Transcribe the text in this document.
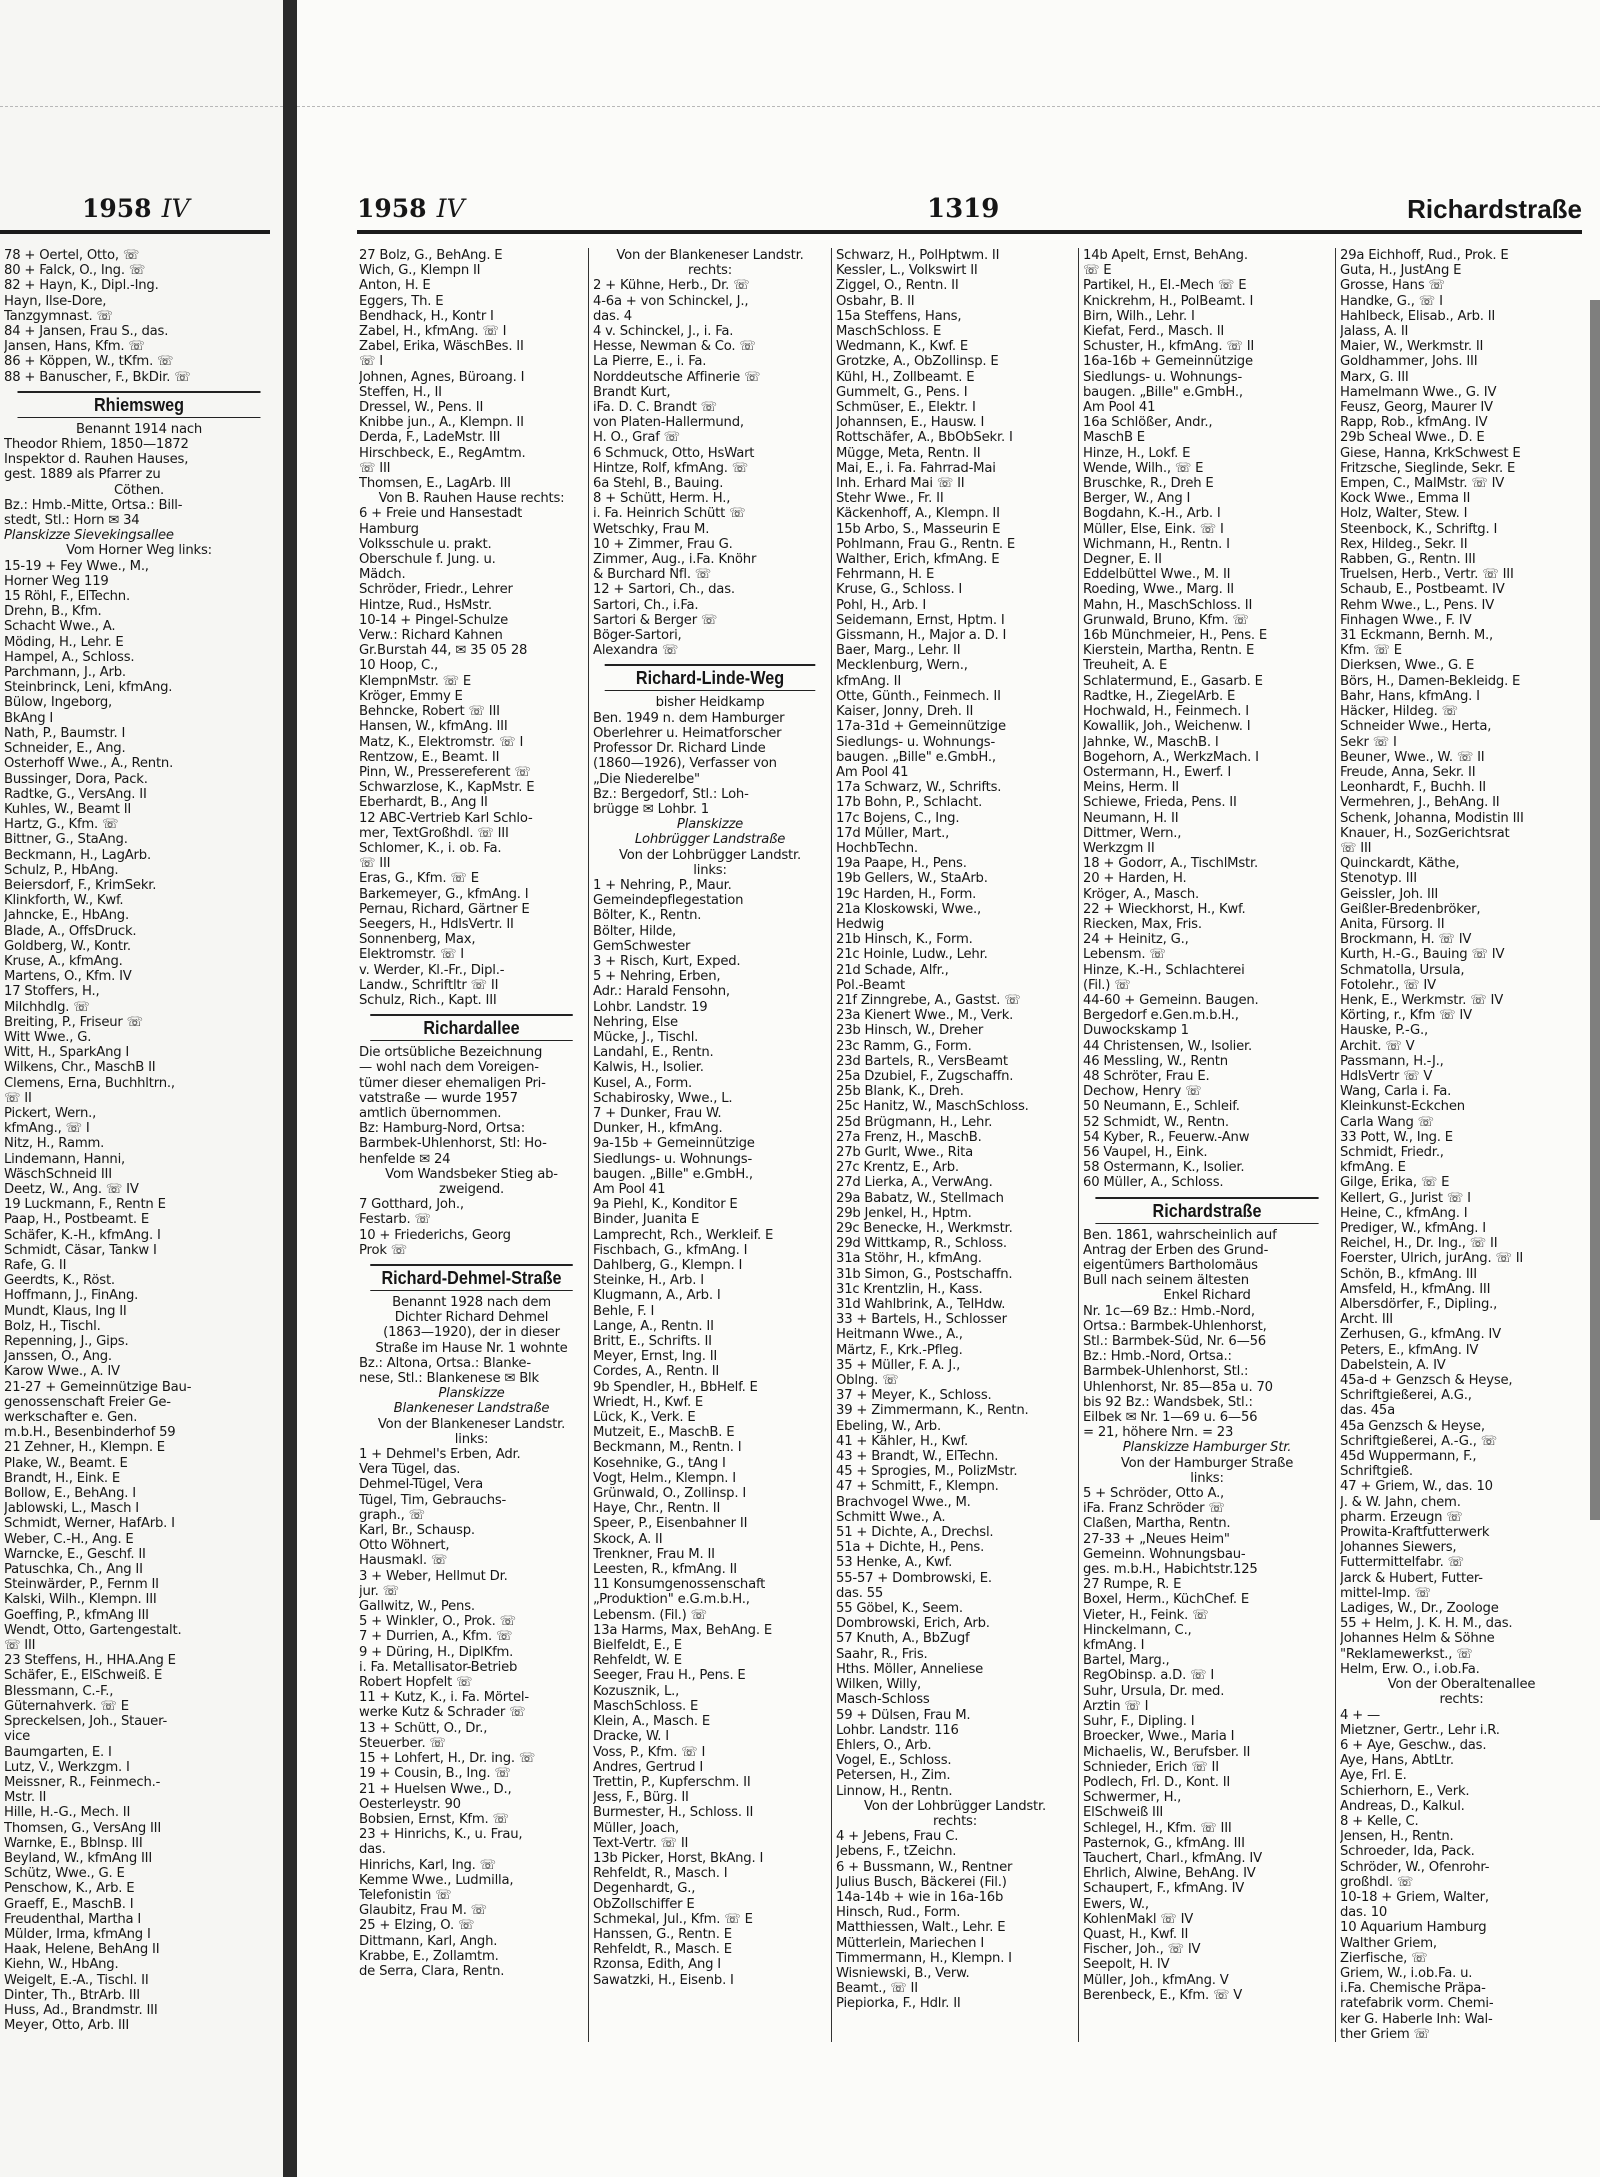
1958 IV
78 + Oertel, Otto, ☏
80 + Falck, O., Ing. ☏
82 + Hayn, K., Dipl.-Ing.
Hayn, Ilse-Dore,
Tanzgymnast. ☏
84 + Jansen, Frau S., das.
Jansen, Hans, Kfm. ☏
86 + Köppen, W., tKfm. ☏
88 + Banuscher, F., BkDir. ☏
Rhiemsweg
Benannt 1914 nach
Theodor Rhiem, 1850—1872
Inspektor d. Rauhen Hauses,
gest. 1889 als Pfarrer zu
Cöthen.
Bz.: Hmb.-Mitte, Ortsa.: Bill-
stedt, Stl.: Horn ✉ 34
Planskizze Sievekingsallee
Vom Horner Weg links:
15-19 + Fey Wwe., M.,
Horner Weg 119
15 Röhl, F., ElTechn.
Drehn, B., Kfm.
Schacht Wwe., A.
Möding, H., Lehr. E
Hampel, A., Schloss.
Parchmann, J., Arb.
Steinbrinck, Leni, kfmAng.
Bülow, Ingeborg,
BkAng I
Nath, P., Baumstr. I
Schneider, E., Ang.
Osterhoff Wwe., A., Rentn.
Bussinger, Dora, Pack.
Radtke, G., VersAng. II
Kuhles, W., Beamt II
Hartz, G., Kfm. ☏
Bittner, G., StaAng.
Beckmann, H., LagArb.
Schulz, P., HbAng.
Beiersdorf, F., KrimSekr.
Klinkforth, W., Kwf.
Jahncke, E., HbAng.
Blade, A., OffsDruck.
Goldberg, W., Kontr.
Kruse, A., kfmAng.
Martens, O., Kfm. IV
17 Stoffers, H.,
Milchhdlg. ☏
Breiting, P., Friseur ☏
Witt Wwe., G.
Witt, H., SparkAng I
Wilkens, Chr., MaschB II
Clemens, Erna, Buchhltrn.,
☏ II
Pickert, Wern.,
kfmAng., ☏ I
Nitz, H., Ramm.
Lindemann, Hanni,
WäschSchneid III
Deetz, W., Ang. ☏ IV
19 Luckmann, F., Rentn E
Paap, H., Postbeamt. E
Schäfer, K.-H., kfmAng. I
Schmidt, Cäsar, Tankw I
Rafe, G. II
Geerdts, K., Röst.
Hoffmann, J., FinAng.
Mundt, Klaus, Ing II
Bolz, H., Tischl.
Repenning, J., Gips.
Janssen, O., Ang.
Karow Wwe., A. IV
21-27 + Gemeinnützige Bau-
genossenschaft Freier Ge-
werkschafter e. Gen.
m.b.H., Besenbinderhof 59
21 Zehner, H., Klempn. E
Plake, W., Beamt. E
Brandt, H., Eink. E
Bollow, E., BehAng. I
Jablowski, L., Masch I
Schmidt, Werner, HafArb. I
Weber, C.-H., Ang. E
Warncke, E., Geschf. II
Patuschka, Ch., Ang II
Steinwärder, P., Fernm II
Kalski, Wilh., Klempn. III
Goeffing, P., kfmAng III
Wendt, Otto, Gartengestalt.
☏ III
23 Steffens, H., HHA.Ang E
Schäfer, E., ElSchweiß. E
Blessmann, C.-F.,
Güternahverk. ☏ E
Spreckelsen, Joh., Stauer-
vice
Baumgarten, E. I
Lutz, V., Werkzgm. I
Meissner, R., Feinmech.-
Mstr. II
Hille, H.-G., Mech. II
Thomsen, G., VersAng III
Warnke, E., Bblnsp. III
Beyland, W., kfmAng III
Schütz, Wwe., G. E
Penschow, K., Arb. E
Graeff, E., MaschB. I
Freudenthal, Martha I
Mülder, Irma, kfmAng I
Haak, Helene, BehAng II
Kiehn, W., HbAng.
Weigelt, E.-A., Tischl. II
Dinter, Th., BtrArb. III
Huss, Ad., Brandmstr. III
Meyer, Otto, Arb. III
1958 IV	1319	Richardstraße
27 Bolz, G., BehAng. E
Wich, G., Klempn II
Anton, H. E
Eggers, Th. E
Bendhack, H., Kontr I
Zabel, H., kfmAng. ☏ I
Zabel, Erika, WäschBes. II
☏ I
Johnen, Agnes, Büroang. I
Steffen, H., II
Dressel, W., Pens. II
Knibbe jun., A., Klempn. II
Derda, F., LadeMstr. III
Hirschbeck, E., RegAmtm.
☏ III
Thomsen, E., LagArb. III
Von B. Rauhen Hause rechts:
6 + Freie und Hansestadt
Hamburg
Volksschule u. prakt.
Oberschule f. Jung. u.
Mädch.
Schröder, Friedr., Lehrer
Hintze, Rud., HsMstr.
10-14 + Pingel-Schulze
Verw.: Richard Kahnen
Gr.Burstah 44, ✉ 35 05 28
10 Hoop, C.,
KlempnMstr. ☏ E
Kröger, Emmy E
Behncke, Robert ☏ III
Hansen, W., kfmAng. III
Matz, K., Elektromstr. ☏ I
Rentzow, E., Beamt. II
Pinn, W., Pressereferent ☏
Schwarzlose, K., KapMstr. E
Eberhardt, B., Ang II
12 ABC-Vertrieb Karl Schlo-
mer, TextGroßhdl. ☏ III
Schlomer, K., i. ob. Fa.
☏ III
Eras, G., Kfm. ☏ E
Barkemeyer, G., kfmAng. I
Pernau, Richard, Gärtner E
Seegers, H., HdlsVertr. II
Sonnenberg, Max,
Elektromstr. ☏ I
v. Werder, Kl.-Fr., Dipl.-
Landw., Schriftltr ☏ II
Schulz, Rich., Kapt. III
Richardallee
Die ortsübliche Bezeichnung
— wohl nach dem Voreigen-
tümer dieser ehemaligen Pri-
vatstraße — wurde 1957
amtlich übernommen.
Bz: Hamburg-Nord, Ortsa:
Barmbek-Uhlenhorst, Stl: Ho-
henfelde ✉ 24
Vom Wandsbeker Stieg ab-
zweigend.
7 Gotthard, Joh.,
Festarb. ☏
10 + Friederichs, Georg
Prok ☏
Richard-Dehmel-Straße
Benannt 1928 nach dem
Dichter Richard Dehmel
(1863—1920), der in dieser
Straße im Hause Nr. 1 wohnte
Bz.: Altona, Ortsa.: Blanke-
nese, Stl.: Blankenese ✉ Blk
Planskizze
Blankeneser Landstraße
Von der Blankeneser Landstr.
links:
1 + Dehmel's Erben, Adr.
Vera Tügel, das.
Dehmel-Tügel, Vera
Tügel, Tim, Gebrauchs-
graph., ☏
Karl, Br., Schausp.
Otto Wöhnert,
Hausmakl. ☏
3 + Weber, Hellmut Dr.
jur. ☏
Gallwitz, W., Pens.
5 + Winkler, O., Prok. ☏
7 + Durrien, A., Kfm. ☏
9 + Düring, H., DiplKfm.
i. Fa. Metallisator-Betrieb
Robert Hopfelt ☏
11 + Kutz, K., i. Fa. Mörtel-
werke Kutz & Schrader ☏
13 + Schütt, O., Dr.,
Steuerber. ☏
15 + Lohfert, H., Dr. ing. ☏
19 + Cousin, B., Ing. ☏
21 + Huelsen Wwe., D.,
Oesterleystr. 90
Bobsien, Ernst, Kfm. ☏
23 + Hinrichs, K., u. Frau,
das.
Hinrichs, Karl, Ing. ☏
Kemme Wwe., Ludmilla,
Telefonistin ☏
Glaubitz, Frau M. ☏
25 + Elzing, O. ☏
Dittmann, Karl, Angh.
Krabbe, E., Zollamtm.
de Serra, Clara, Rentn.
Von der Blankeneser Landstr.
rechts:
2 + Kühne, Herb., Dr. ☏
4-6a + von Schinckel, J.,
das. 4
4 v. Schinckel, J., i. Fa.
Hesse, Newman & Co. ☏
La Pierre, E., i. Fa.
Norddeutsche Affinerie ☏
Brandt Kurt,
iFa. D. C. Brandt ☏
von Platen-Hallermund,
H. O., Graf ☏
6 Schmuck, Otto, HsWart
Hintze, Rolf, kfmAng. ☏
6a Stehl, B., Bauing.
8 + Schütt, Herm. H.,
i. Fa. Heinrich Schütt ☏
Wetschky, Frau M.
10 + Zimmer, Frau G.
Zimmer, Aug., i.Fa. Knöhr
& Burchard Nfl. ☏
12 + Sartori, Ch., das.
Sartori, Ch., i.Fa.
Sartori & Berger ☏
Böger-Sartori,
Alexandra ☏
Richard-Linde-Weg
bisher Heidkamp
Ben. 1949 n. dem Hamburger
Oberlehrer u. Heimatforscher
Professor Dr. Richard Linde
(1860—1926), Verfasser von
„Die Niederelbe"
Bz.: Bergedorf, Stl.: Loh-
brügge ✉ Lohbr. 1
Planskizze
Lohbrügger Landstraße
Von der Lohbrügger Landstr.
links:
1 + Nehring, P., Maur.
Gemeindepflegestation
Bölter, K., Rentn.
Bölter, Hilde,
GemSchwester
3 + Risch, Kurt, Exped.
5 + Nehring, Erben,
Adr.: Harald Fensohn,
Lohbr. Landstr. 19
Nehring, Else
Mücke, J., Tischl.
Landahl, E., Rentn.
Kalwis, H., Isolier.
Kusel, A., Form.
Schabirosky, Wwe., L.
7 + Dunker, Frau W.
Dunker, H., kfmAng.
9a-15b + Gemeinnützige
Siedlungs- u. Wohnungs-
baugen. „Bille" e.GmbH.,
Am Pool 41
9a Piehl, K., Konditor E
Binder, Juanita E
Lamprecht, Rch., Werkleif. E
Fischbach, G., kfmAng. I
Dahlberg, G., Klempn. I
Steinke, H., Arb. I
Klugmann, A., Arb. I
Behle, F. I
Lange, A., Rentn. II
Britt, E., Schrifts. II
Meyer, Ernst, Ing. II
Cordes, A., Rentn. II
9b Spendler, H., BbHelf. E
Wriedt, H., Kwf. E
Lück, K., Verk. E
Mutzeit, E., MaschB. E
Beckmann, M., Rentn. I
Kosehnike, G., tAng I
Vogt, Helm., Klempn. I
Grünwald, O., Zollinsp. I
Haye, Chr., Rentn. II
Speer, P., Eisenbahner II
Skock, A. II
Trenkner, Frau M. II
Leesten, R., kfmAng. II
11 Konsumgenossenschaft
„Produktion" e.G.m.b.H.,
Lebensm. (Fil.) ☏
13a Harms, Max, BehAng. E
Bielfeldt, E., E
Rehfeldt, W. E
Seeger, Frau H., Pens. E
Kozusznik, L.,
MaschSchloss. E
Klein, A., Masch. E
Dracke, W. I
Voss, P., Kfm. ☏ I
Andres, Gertrud I
Trettin, P., Kupferschm. II
Jess, F., Bürg. II
Burmester, H., Schloss. II
Müller, Joach,
Text-Vertr. ☏ II
13b Picker, Horst, BkAng. I
Rehfeldt, R., Masch. I
Degenhardt, G.,
ObZollschiffer E
Schmekal, Jul., Kfm. ☏ E
Hanssen, G., Rentn. E
Rehfeldt, R., Masch. E
Rzonsa, Edith, Ang I
Sawatzki, H., Eisenb. I
Schwarz, H., PolHptwm. II
Kessler, L., Volkswirt II
Ziggel, O., Rentn. II
Osbahr, B. II
15a Steffens, Hans,
MaschSchloss. E
Wedmann, K., Kwf. E
Grotzke, A., ObZollinsp. E
Kühl, H., Zollbeamt. E
Gummelt, G., Pens. I
Schmüser, E., Elektr. I
Johannsen, E., Hausw. I
Rottschäfer, A., BbObSekr. I
Mügge, Meta, Rentn. II
Mai, E., i. Fa. Fahrrad-Mai
Inh. Erhard Mai ☏ II
Stehr Wwe., Fr. II
Käckenhoff, A., Klempn. II
15b Arbo, S., Masseurin E
Pohlmann, Frau G., Rentn. E
Walther, Erich, kfmAng. E
Fehrmann, H. E
Kruse, G., Schloss. I
Pohl, H., Arb. I
Seidemann, Ernst, Hptm. I
Gissmann, H., Major a. D. I
Baer, Marg., Lehr. II
Mecklenburg, Wern.,
kfmAng. II
Otte, Günth., Feinmech. II
Kaiser, Jonny, Dreh. II
17a-31d + Gemeinnützige
Siedlungs- u. Wohnungs-
baugen. „Bille" e.GmbH.,
Am Pool 41
17a Schwarz, W., Schrifts.
17b Bohn, P., Schlacht.
17c Bojens, C., Ing.
17d Müller, Mart.,
HochbTechn.
19a Paape, H., Pens.
19b Gellers, W., StaArb.
19c Harden, H., Form.
21a Kloskowski, Wwe.,
Hedwig
21b Hinsch, K., Form.
21c Hoinle, Ludw., Lehr.
21d Schade, Alfr.,
Pol.-Beamt
21f Zinngrebe, A., Gastst. ☏
23a Kienert Wwe., M., Verk.
23b Hinsch, W., Dreher
23c Ramm, G., Form.
23d Bartels, R., VersBeamt
25a Dzubiel, F., Zugschaffn.
25b Blank, K., Dreh.
25c Hanitz, W., MaschSchloss.
25d Brügmann, H., Lehr.
27a Frenz, H., MaschB.
27b Gurlt, Wwe., Rita
27c Krentz, E., Arb.
27d Lierka, A., VerwAng.
29a Babatz, W., Stellmach
29b Jenkel, H., Hptm.
29c Benecke, H., Werkmstr.
29d Wittkamp, R., Schloss.
31a Stöhr, H., kfmAng.
31b Simon, G., Postschaffn.
31c Krentzlin, H., Kass.
31d Wahlbrink, A., TelHdw.
33 + Bartels, H., Schlosser
Heitmann Wwe., A.,
Märtz, F., Krk.-Pfleg.
35 + Müller, F. A. J.,
Oblng. ☏
37 + Meyer, K., Schloss.
39 + Zimmermann, K., Rentn.
Ebeling, W., Arb.
41 + Kähler, H., Kwf.
43 + Brandt, W., ElTechn.
45 + Sprogies, M., PolizMstr.
47 + Schmitt, F., Klempn.
Brachvogel Wwe., M.
Schmitt Wwe., A.
51 + Dichte, A., Drechsl.
51a + Dichte, H., Pens.
53 Henke, A., Kwf.
55-57 + Dombrowski, E.
das. 55
55 Göbel, K., Seem.
Dombrowski, Erich, Arb.
57 Knuth, A., BbZugf
Saahr, R., Fris.
Hths. Möller, Anneliese
Wilken, Willy,
Masch-Schloss
59 + Dülsen, Frau M.
Lohbr. Landstr. 116
Ehlers, O., Arb.
Vogel, E., Schloss.
Petersen, H., Zim.
Linnow, H., Rentn.
Von der Lohbrügger Landstr.
rechts:
4 + Jebens, Frau C.
Jebens, F., tZeichn.
6 + Bussmann, W., Rentner
Julius Busch, Bäckerei (Fil.)
14a-14b + wie in 16a-16b
Hinsch, Rud., Form.
Matthiessen, Walt., Lehr. E
Mütterlein, Mariechen I
Timmermann, H., Klempn. I
Wisniewski, B., Verw.
Beamt., ☏ II
Piepiorka, F., Hdlr. II
14b Apelt, Ernst, BehAng.
☏ E
Partikel, H., El.-Mech ☏ E
Knickrehm, H., PolBeamt. I
Birn, Wilh., Lehr. I
Kiefat, Ferd., Masch. II
Schuster, H., kfmAng. ☏ II
16a-16b + Gemeinnützige
Siedlungs- u. Wohnungs-
baugen. „Bille" e.GmbH.,
Am Pool 41
16a Schlößer, Andr.,
MaschB E
Hinze, H., Lokf. E
Wende, Wilh., ☏ E
Bruschke, R., Dreh E
Berger, W., Ang I
Bogdahn, K.-H., Arb. I
Müller, Else, Eink. ☏ I
Wichmann, H., Rentn. I
Degner, E. II
Eddelbüttel Wwe., M. II
Roeding, Wwe., Marg. II
Mahn, H., MaschSchloss. II
Grunwald, Bruno, Kfm. ☏
16b Münchmeier, H., Pens. E
Kierstein, Martha, Rentn. E
Treuheit, A. E
Schlatermund, E., Gasarb. E
Radtke, H., ZiegelArb. E
Hochwald, H., Feinmech. I
Kowallik, Joh., Weichenw. I
Jahnke, W., MaschB. I
Bogehorn, A., WerkzMach. I
Ostermann, H., Ewerf. I
Meins, Herm. II
Schiewe, Frieda, Pens. II
Neumann, H. II
Dittmer, Wern.,
Werkzgm II
18 + Godorr, A., TischlMstr.
20 + Harden, H.
Kröger, A., Masch.
22 + Wieckhorst, H., Kwf.
Riecken, Max, Fris.
24 + Heinitz, G.,
Lebensm. ☏
Hinze, K.-H., Schlachterei
(Fil.) ☏
44-60 + Gemeinn. Baugen.
Bergedorf e.Gen.m.b.H.,
Duwockskamp 1
44 Christensen, W., Isolier.
46 Messling, W., Rentn
48 Schröter, Frau E.
Dechow, Henry ☏
50 Neumann, E., Schleif.
52 Schmidt, W., Rentn.
54 Kyber, R., Feuerw.-Anw
56 Vaupel, H., Eink.
58 Ostermann, K., Isolier.
60 Müller, A., Schloss.
Richardstraße
Ben. 1861, wahrscheinlich auf
Antrag der Erben des Grund-
eigentümers Bartholomäus
Bull nach seinem ältesten
Enkel Richard
Nr. 1c—69 Bz.: Hmb.-Nord,
Ortsa.: Barmbek-Uhlenhorst,
Stl.: Barmbek-Süd, Nr. 6—56
Bz.: Hmb.-Nord, Ortsa.:
Barmbek-Uhlenhorst, Stl.:
Uhlenhorst, Nr. 85—85a u. 70
bis 92 Bz.: Wandsbek, Stl.:
Eilbek ✉ Nr. 1—69 u. 6—56
= 21, höhere Nrn. = 23
Planskizze Hamburger Str.
Von der Hamburger Straße
links:
5 + Schröder, Otto A.,
iFa. Franz Schröder ☏
Claßen, Martha, Rentn.
27-33 + „Neues Heim"
Gemeinn. Wohnungsbau-
ges. m.b.H., Habichtstr.125
27 Rumpe, R. E
Boxel, Herm., KüchChef. E
Vieter, H., Feink. ☏
Hinckelmann, C.,
kfmAng. I
Bartel, Marg.,
RegObinsp. a.D. ☏ I
Suhr, Ursula, Dr. med.
Ärztin ☏ I
Suhr, F., Dipling. I
Broecker, Wwe., Maria I
Michaelis, W., Berufsber. II
Schnieder, Erich ☏ II
Podlech, Frl. D., Kont. II
Schwermer, H.,
ElSchweiß III
Schlegel, H., Kfm. ☏ III
Pasternok, G., kfmAng. III
Tauchert, Charl., kfmAng. IV
Ehrlich, Alwine, BehAng. IV
Schaupert, F., kfmAng. IV
Ewers, W.,
KohlenMakl ☏ IV
Quast, H., Kwf. II
Fischer, Joh., ☏ IV
Seepolt, H. IV
Müller, Joh., kfmAng. V
Berenbeck, E., Kfm. ☏ V
29a Eichhoff, Rud., Prok. E
Guta, H., JustAng E
Grosse, Hans ☏
Handke, G., ☏ I
Hahlbeck, Elisab., Arb. II
Jalass, A. II
Maier, W., Werkmstr. II
Goldhammer, Johs. III
Marx, G. III
Hamelmann Wwe., G. IV
Feusz, Georg, Maurer IV
Rapp, Rob., kfmAng. IV
29b Scheal Wwe., D. E
Giese, Hanna, KrkSchwest E
Fritzsche, Sieglinde, Sekr. E
Empen, C., MalMstr. ☏ IV
Kock Wwe., Emma II
Holz, Walter, Stew. I
Steenbock, K., Schriftg. I
Rex, Hildeg., Sekr. II
Rabben, G., Rentn. III
Truelsen, Herb., Vertr. ☏ III
Schaub, E., Postbeamt. IV
Rehm Wwe., L., Pens. IV
Finhagen Wwe., F. IV
31 Eckmann, Bernh. M.,
Kfm. ☏ E
Dierksen, Wwe., G. E
Börs, H., Damen-Bekleidg. E
Bahr, Hans, kfmAng. I
Häcker, Hildeg. ☏
Schneider Wwe., Herta,
Sekr ☏ I
Beuner, Wwe., W. ☏ II
Freude, Anna, Sekr. II
Leonhardt, F., Buchh. II
Vermehren, J., BehAng. II
Schenk, Johanna, Modistin III
Knauer, H., SozGerichtsrat
☏ III
Quinckardt, Käthe,
Stenotyp. III
Geissler, Joh. III
Geißler-Bredenbröker,
Anita, Fürsorg. II
Brockmann, H. ☏ IV
Kurth, H.-G., Bauing ☏ IV
Schmatolla, Ursula,
Fotolehr., ☏ IV
Henk, E., Werkmstr. ☏ IV
Körting, r., Kfm ☏ IV
Hauske, P.-G.,
Archit. ☏ V
Passmann, H.-J.,
HdlsVertr ☏ V
Wang, Carla i. Fa.
Kleinkunst-Eckchen
Carla Wang ☏
33 Pott, W., Ing. E
Schmidt, Friedr.,
kfmAng. E
Gilge, Erika, ☏ E
Kellert, G., Jurist ☏ I
Heine, C., kfmAng. I
Prediger, W., kfmAng. I
Reichel, H., Dr. Ing., ☏ II
Foerster, Ulrich, jurAng. ☏ II
Schön, B., kfmAng. III
Amsfeld, H., kfmAng. III
Albersdörfer, F., Dipling.,
Archt. III
Zerhusen, G., kfmAng. IV
Peters, E., kfmAng. IV
Dabelstein, A. IV
45a-d + Genzsch & Heyse,
Schriftgießerei, A.G.,
das. 45a
45a Genzsch & Heyse,
Schriftgießerei, A.-G., ☏
45d Wuppermann, F.,
Schriftgieß.
47 + Griem, W., das. 10
J. & W. Jahn, chem.
pharm. Erzeugn ☏
Prowita-Kraftfutterwerk
Johannes Siewers,
Futtermittelfabr. ☏
Jarck & Hubert, Futter-
mittel-Imp. ☏
Ladiges, W., Dr., Zoologe
55 + Helm, J. K. H. M., das.
Johannes Helm & Söhne
"Reklamewerkst., ☏
Helm, Erw. O., i.ob.Fa.
Von der Oberaltenallee
rechts:
4 + —
Mietzner, Gertr., Lehr i.R.
6 + Aye, Geschw., das.
Aye, Hans, AbtLtr.
Aye, Frl. E.
Schierhorn, E., Verk.
Andreas, D., Kalkul.
8 + Kelle, C.
Jensen, H., Rentn.
Schroeder, Ida, Pack.
Schröder, W., Ofenrohr-
großhdl. ☏
10-18 + Griem, Walter,
das. 10
10 Aquarium Hamburg
Walther Griem,
Zierfische, ☏
Griem, W., i.ob.Fa. u.
i.Fa. Chemische Präpa-
ratefabrik vorm. Chemi-
ker G. Haberle Inh: Wal-
ther Griem ☏
